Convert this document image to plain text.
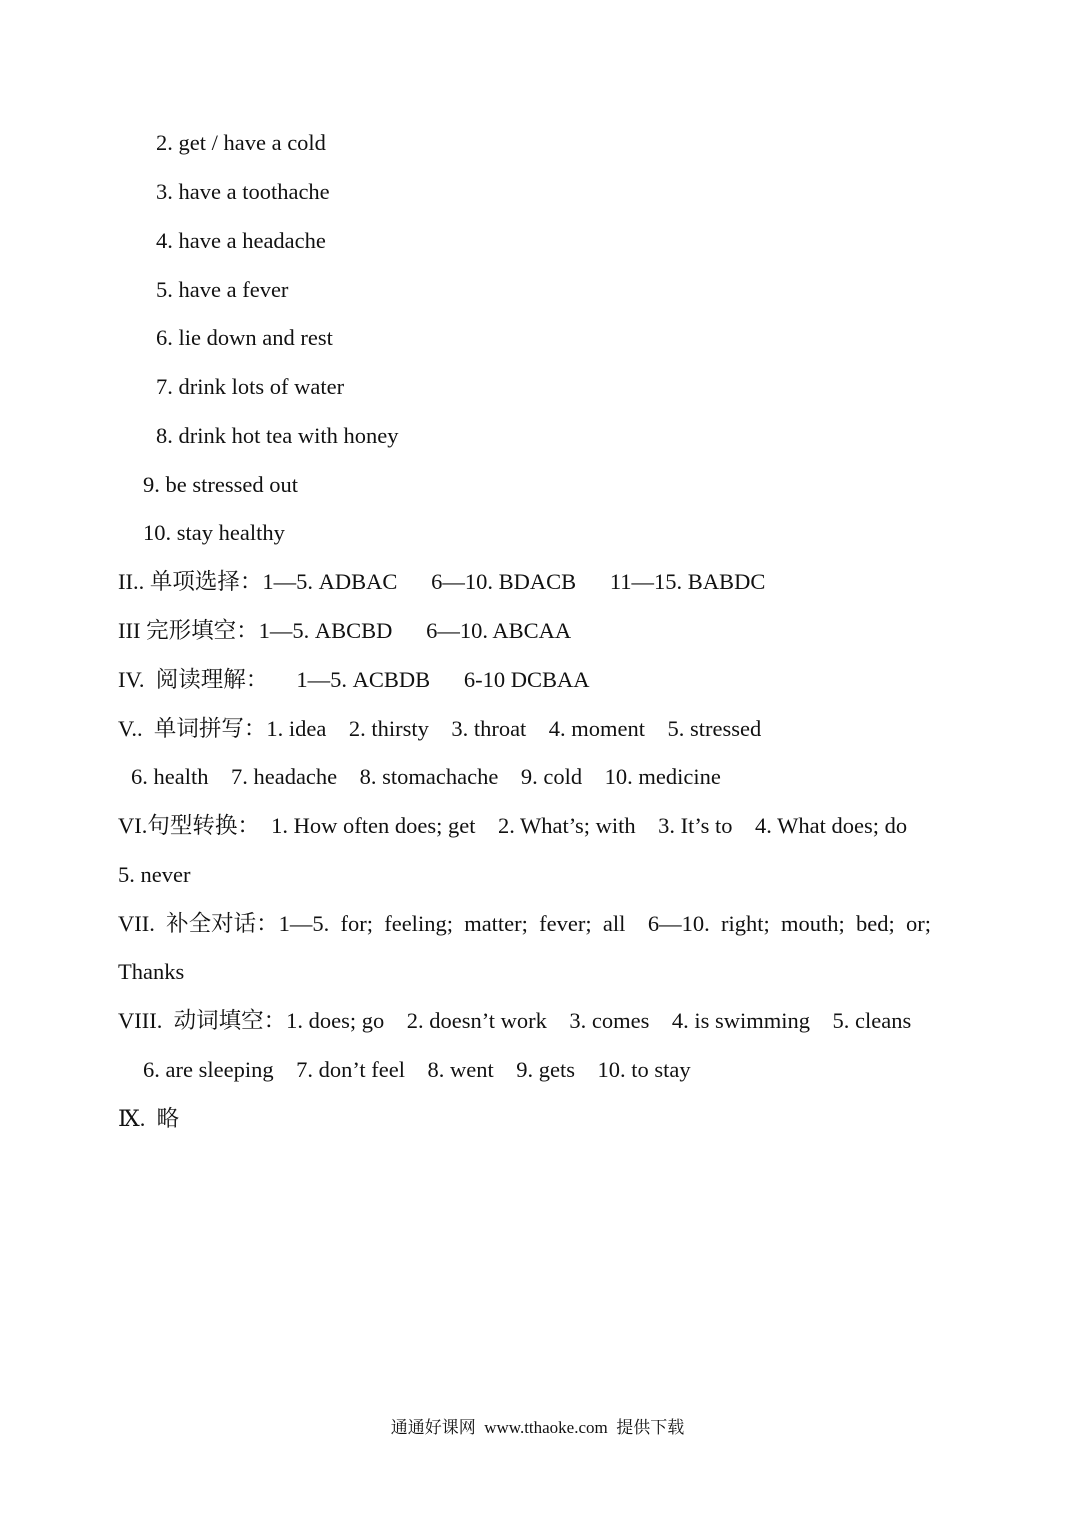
2. get / have a cold
3. have a toothache
4. have a headache
5. have a fever
6. lie down and rest
7. drink lots of water
8. drink hot tea with honey
9. be stressed out
10. stay healthy
II.. 单项选择：1—5. ADBAC      6—10. BDACB      11—15. BABDC
III 完形填空：1—5. ABCBD      6—10. ABCAA
IV.  阅读理解：     1—5. ACBDB      6-10 DCBAA
V..  单词拼写：1. idea    2. thirsty    3. throat    4. moment    5. stressed
6. health    7. headache    8. stomachache    9. cold    10. medicine
VI.句型转换：  1. How often does; get    2. What’s; with    3. It’s to    4. What does; do
5. never
VII.  补全对话：1—5.  for;  feeling;  matter;  fever;  all    6—10.  right;  mouth;  bed;  or;
Thanks
VIII.  动词填空：1. does; go    2. doesn’t work    3. comes    4. is swimming    5. cleans
6. are sleeping    7. don’t feel    8. went    9. gets    10. to stay
Ⅸ.  略
通通好课网  www.tthaoke.com  提供下载
